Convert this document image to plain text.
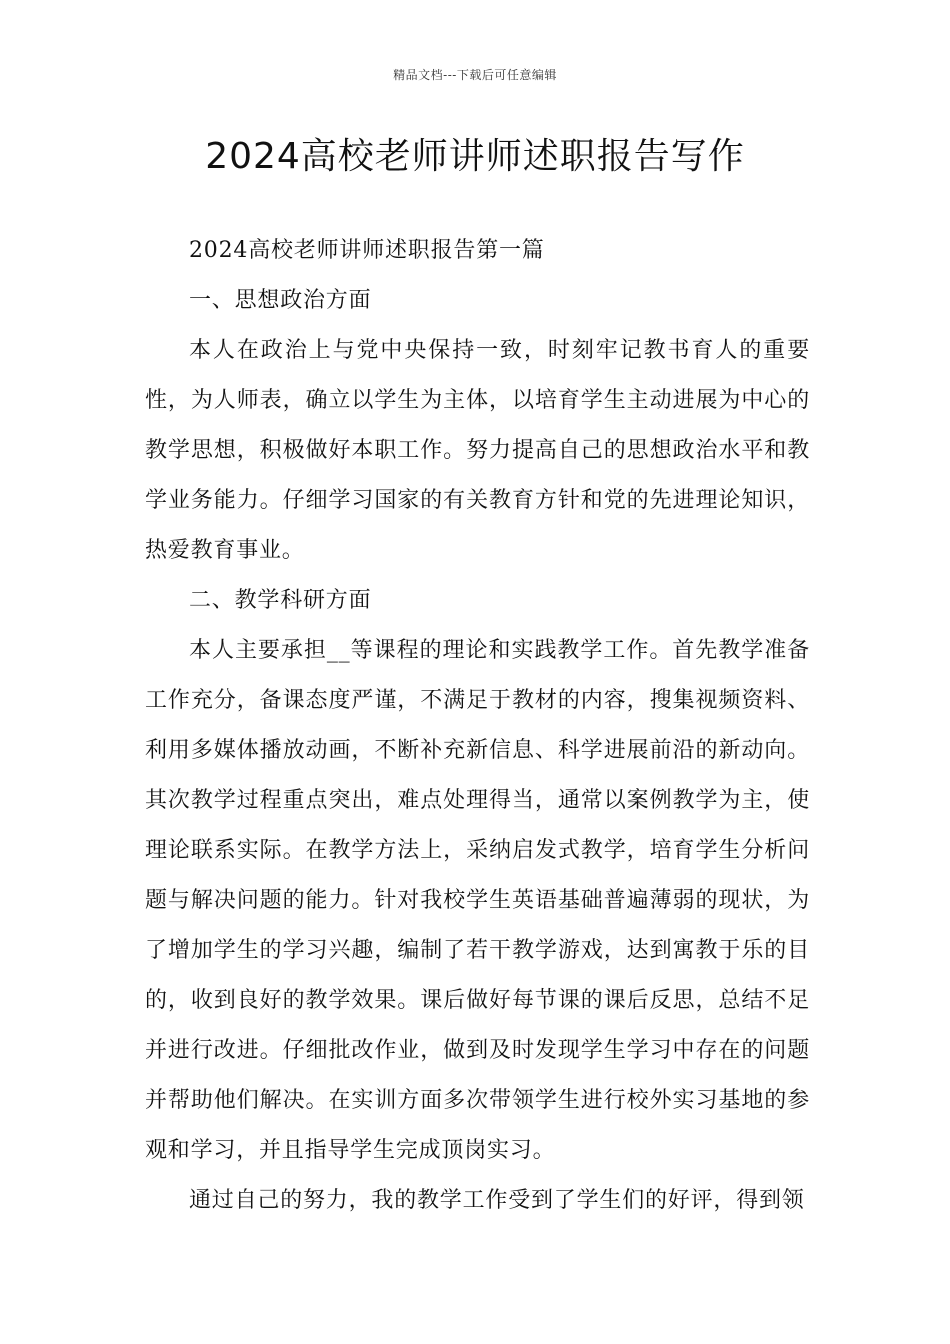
精品文档---下载后可任意编辑
2024高校老师讲师述职报告写作

2024高校老师讲师述职报告第一篇

一、思想政治方面

本人在政治上与党中央保持一致，时刻牢记教书育人的重要性，为人师表，确立以学生为主体，以培育学生主动进展为中心的教学思想，积极做好本职工作。努力提高自己的思想政治水平和教学业务能力。仔细学习国家的有关教育方针和党的先进理论知识，热爱教育事业。

二、教学科研方面

本人主要承担__等课程的理论和实践教学工作。首先教学准备工作充分，备课态度严谨，不满足于教材的内容，搜集视频资料、利用多媒体播放动画，不断补充新信息、科学进展前沿的新动向。其次教学过程重点突出，难点处理得当，通常以案例教学为主，使理论联系实际。在教学方法上，采纳启发式教学，培育学生分析问题与解决问题的能力。针对我校学生英语基础普遍薄弱的现状，为了增加学生的学习兴趣，编制了若干教学游戏，达到寓教于乐的目的，收到良好的教学效果。课后做好每节课的课后反思，总结不足并进行改进。仔细批改作业，做到及时发现学生学习中存在的问题并帮助他们解决。在实训方面多次带领学生进行校外实习基地的参观和学习，并且指导学生完成顶岗实习。

通过自己的努力，我的教学工作受到了学生们的好评，得到领
